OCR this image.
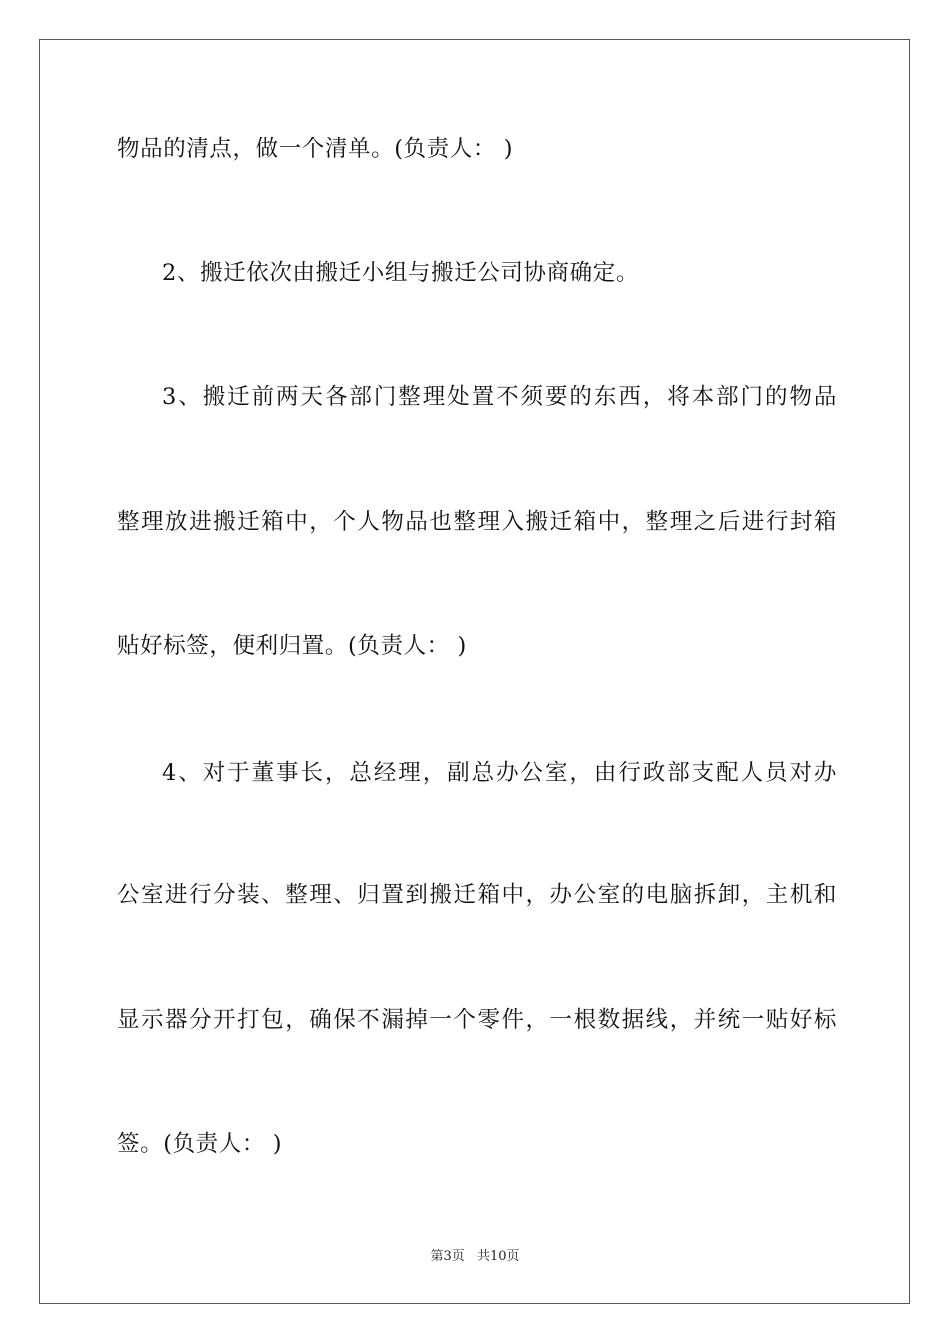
物品的清点，做一个清单。(负责人： )
2、搬迁依次由搬迁小组与搬迁公司协商确定。
3、搬迁前两天各部门整理处置不须要的东西，将本部门的物品
整理放进搬迁箱中，个人物品也整理入搬迁箱中，整理之后进行封箱
贴好标签，便利归置。(负责人： )
4、对于董事长，总经理，副总办公室，由行政部支配人员对办
公室进行分装、整理、归置到搬迁箱中，办公室的电脑拆卸，主机和
显示器分开打包，确保不漏掉一个零件，一根数据线，并统一贴好标
签。(负责人： )
第3页 共10页
